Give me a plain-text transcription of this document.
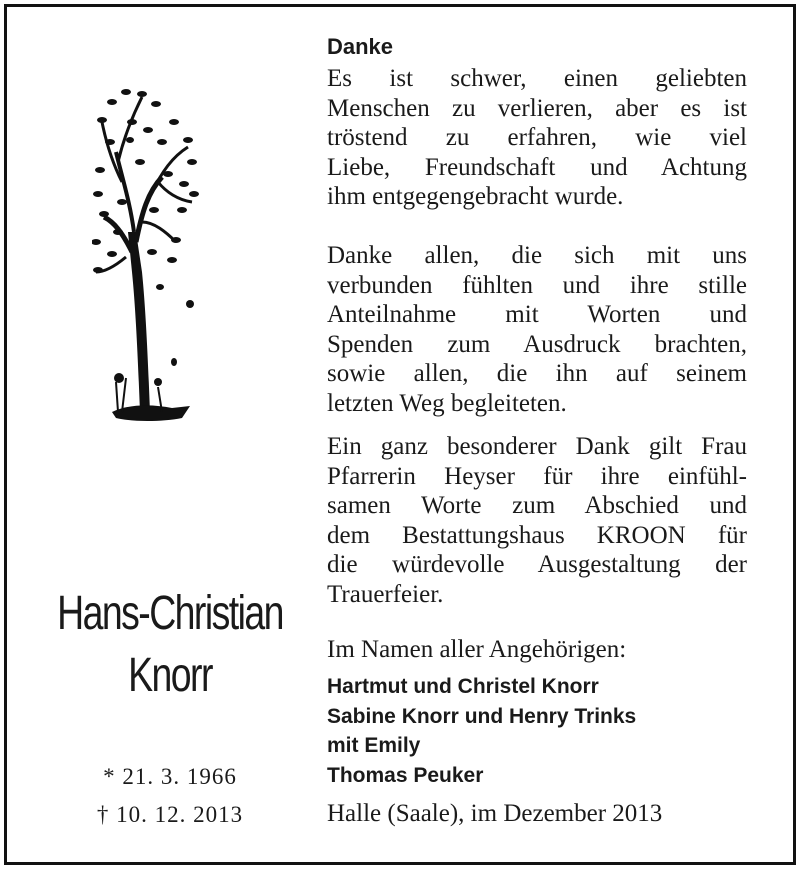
Hans-Christian
Knorr
* 21. 3. 1966
† 10. 12. 2013
Danke
Es ist schwer, einen geliebten
Menschen zu verlieren, aber es ist
tröstend zu erfahren, wie viel
Liebe, Freundschaft und Achtung
ihm entgegengebracht wurde.
Danke allen, die sich mit uns
verbunden fühlten und ihre stille
Anteilnahme mit Worten und
Spenden zum Ausdruck brachten,
sowie allen, die ihn auf seinem
letzten Weg begleiteten.
Ein ganz besonderer Dank gilt Frau
Pfarrerin Heyser für ihre einfühl-
samen Worte zum Abschied und
dem Bestattungshaus KROON für
die würdevolle Ausgestaltung der
Trauerfeier.
Im Namen aller Angehörigen:
Hartmut und Christel Knorr
Sabine Knorr und Henry Trinks
mit Emily
Thomas Peuker
Halle (Saale), im Dezember 2013
